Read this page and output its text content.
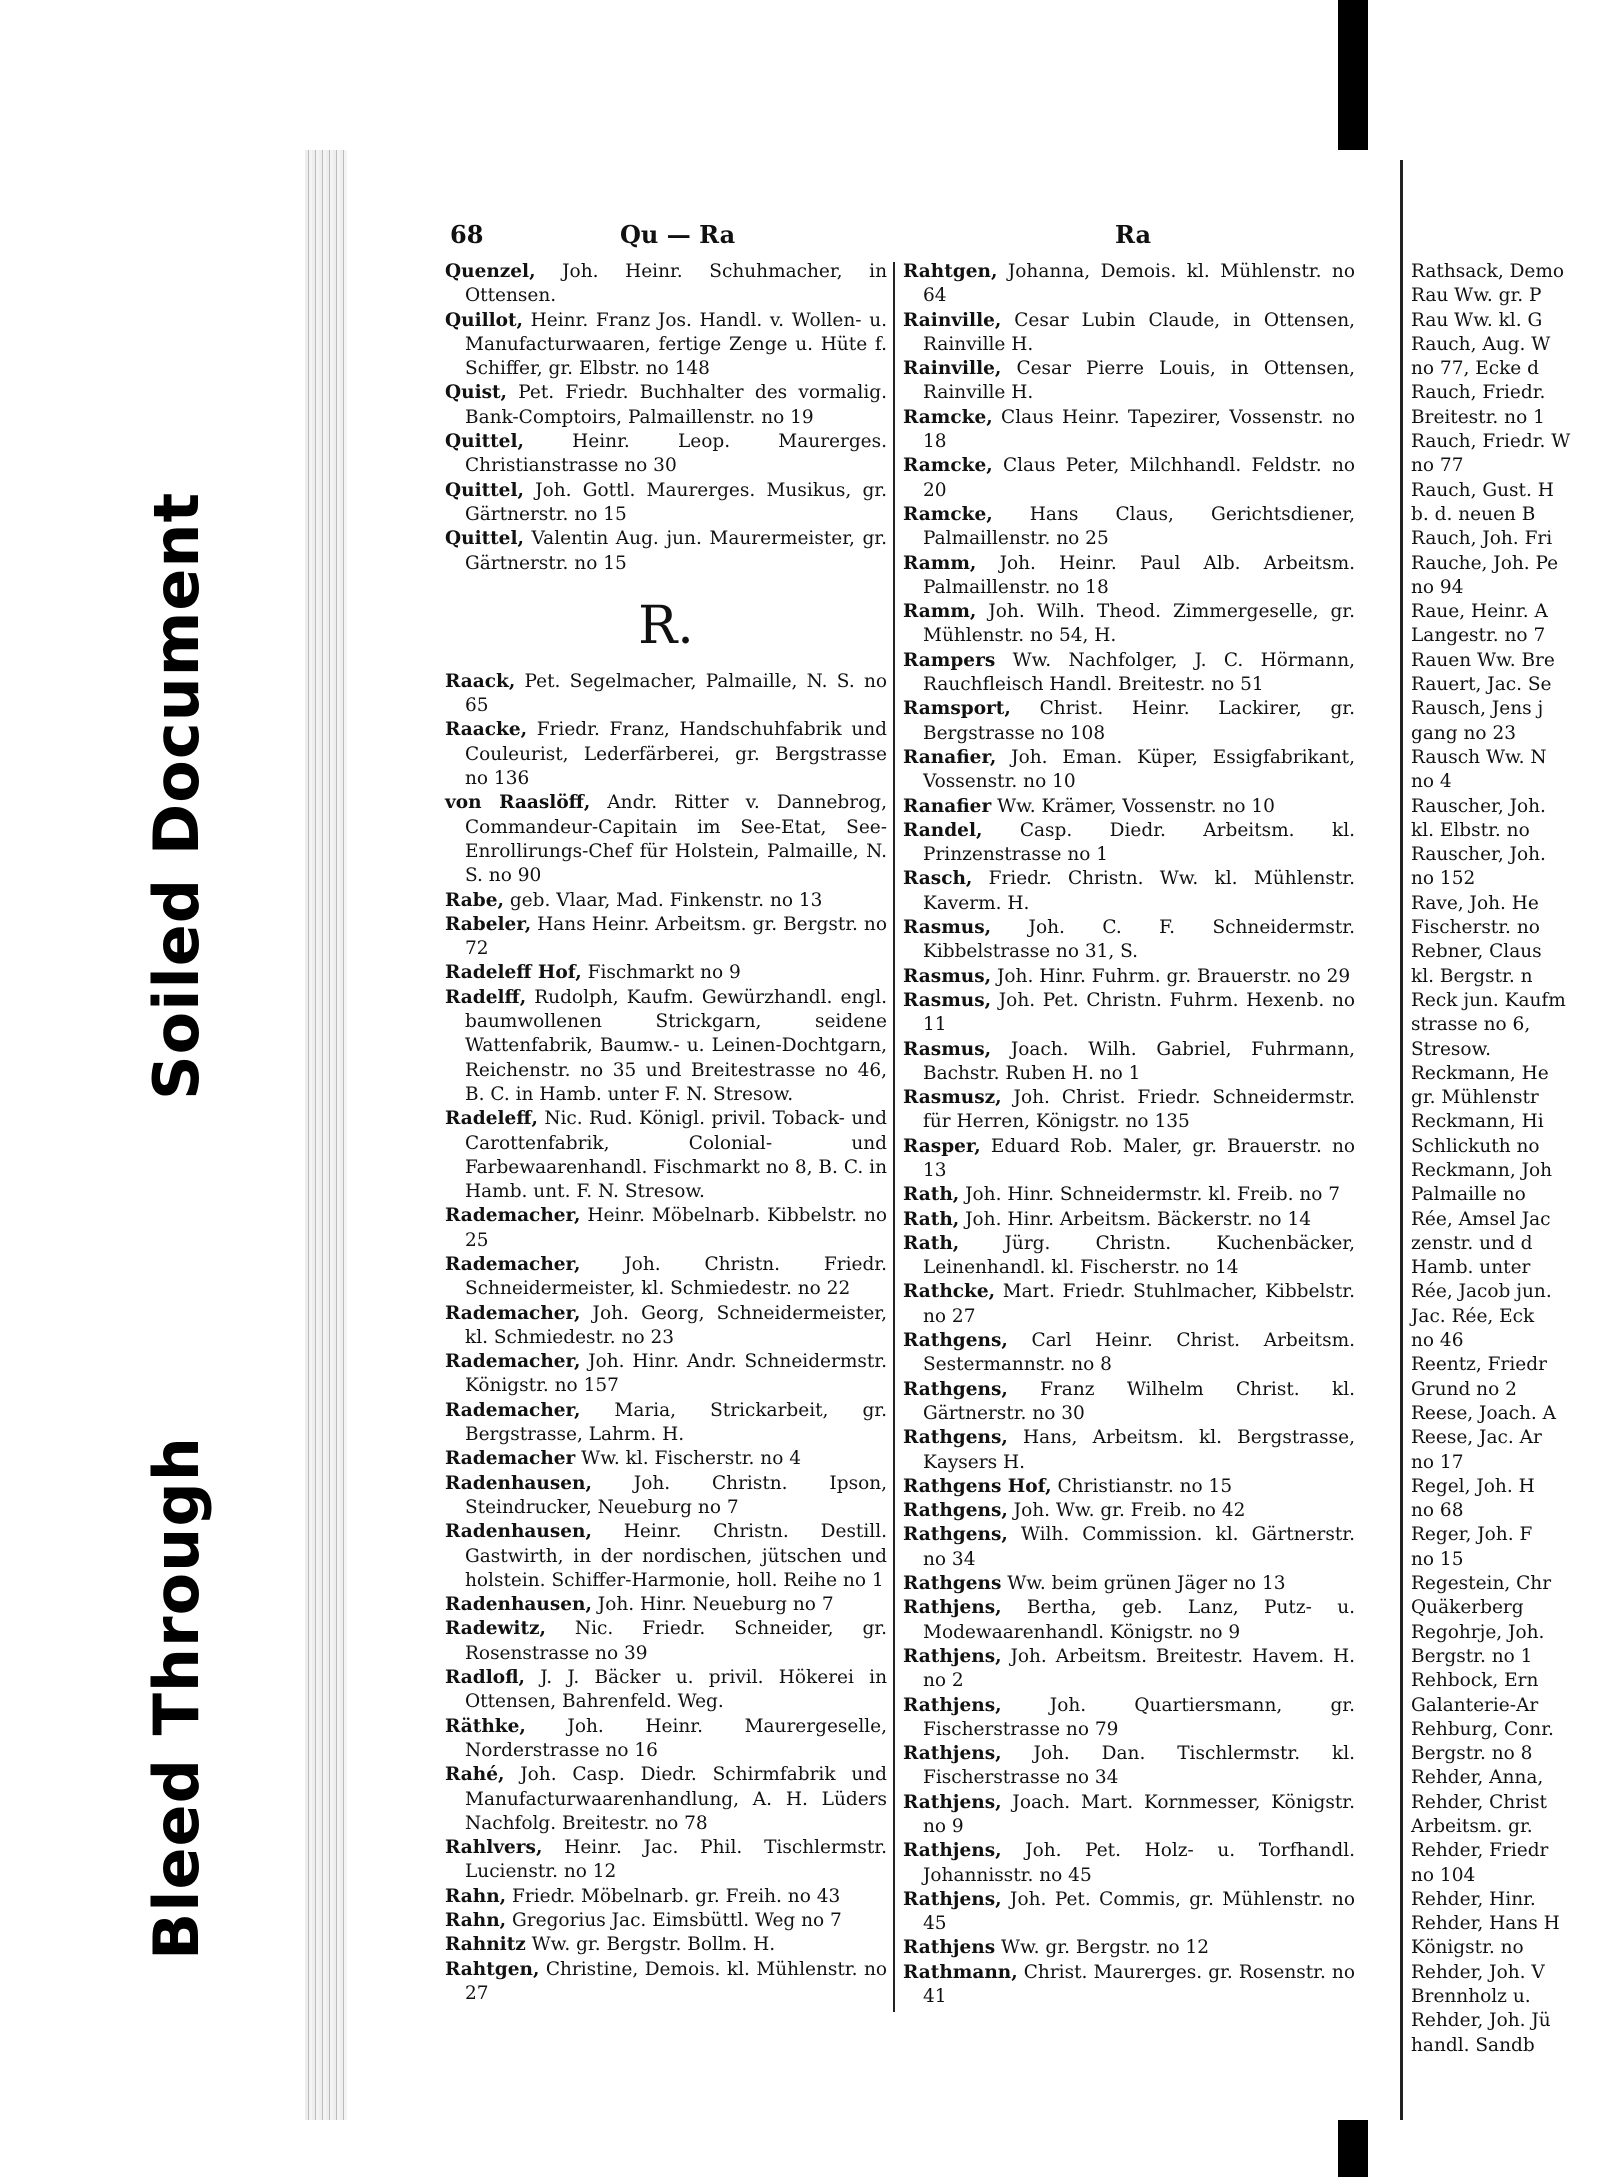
Soiled Document
Bleed Through
68	Qu — Ra	Ra

Quenzel, Joh. Heinr. Schuhmacher, in Ottensen.

Quillot, Heinr. Franz Jos. Handl. v. Wollen- u. Manufacturwaaren, fertige Zenge u. Hüte f. Schiffer, gr. Elbstr. no 148

Quist, Pet. Friedr. Buchhalter des vormalig. Bank-Comptoirs, Palmaillenstr. no 19

Quittel, Heinr. Leop. Maurerges. Christianstrasse no 30

Quittel, Joh. Gottl. Maurerges. Musikus, gr. Gärtnerstr. no 15

Quittel, Valentin Aug. jun. Maurermeister, gr. Gärtnerstr. no 15

R.

Raack, Pet. Segelmacher, Palmaille, N. S. no 65

Raacke, Friedr. Franz, Handschuhfabrik und Couleurist, Lederfärberei, gr. Bergstrasse no 136

von Raaslöff, Andr. Ritter v. Dannebrog, Commandeur-Capitain im See-Etat, See-Enrollirungs-Chef für Holstein, Palmaille, N. S. no 90

Rabe, geb. Vlaar, Mad. Finkenstr. no 13

Rabeler, Hans Heinr. Arbeitsm. gr. Bergstr. no 72

Radeleff Hof, Fischmarkt no 9

Radelff, Rudolph, Kaufm. Gewürzhandl. engl. baumwollenen Strickgarn, seidene Wattenfabrik, Baumw.- u. Leinen-Dochtgarn, Reichenstr. no 35 und Breitestrasse no 46, B. C. in Hamb. unter F. N. Stresow.

Radeleff, Nic. Rud. Königl. privil. Toback- und Carottenfabrik, Colonial- und Farbewaarenhandl. Fischmarkt no 8, B. C. in Hamb. unt. F. N. Stresow.

Rademacher, Heinr. Möbelnarb. Kibbelstr. no 25

Rademacher, Joh. Christn. Friedr. Schneidermeister, kl. Schmiedestr. no 22

Rademacher, Joh. Georg, Schneidermeister, kl. Schmiedestr. no 23

Rademacher, Joh. Hinr. Andr. Schneidermstr. Königstr. no 157

Rademacher, Maria, Strickarbeit, gr. Bergstrasse, Lahrm. H.

Rademacher Ww. kl. Fischerstr. no 4

Radenhausen, Joh. Christn. Ipson, Steindrucker, Neueburg no 7

Radenhausen, Heinr. Christn. Destill. Gastwirth, in der nordischen, jütschen und holstein. Schiffer-Harmonie, holl. Reihe no 1

Radenhausen, Joh. Hinr. Neueburg no 7

Radewitz, Nic. Friedr. Schneider, gr. Rosenstrasse no 39

Radlofl, J. J. Bäcker u. privil. Hökerei in Ottensen, Bahrenfeld. Weg.

Räthke, Joh. Heinr. Maurergeselle, Norderstrasse no 16

Rahé, Joh. Casp. Diedr. Schirmfabrik und Manufacturwaarenhandlung, A. H. Lüders Nachfolg. Breitestr. no 78

Rahlvers, Heinr. Jac. Phil. Tischlermstr. Lucienstr. no 12

Rahn, Friedr. Möbelnarb. gr. Freih. no 43

Rahn, Gregorius Jac. Eimsbüttl. Weg no 7

Rahnitz Ww. gr. Bergstr. Bollm. H.

Rahtgen, Christine, Demois. kl. Mühlenstr. no 27

Rahtgen, Johanna, Demois. kl. Mühlenstr. no 64

Rainville, Cesar Lubin Claude, in Ottensen, Rainville H.

Rainville, Cesar Pierre Louis, in Ottensen, Rainville H.

Ramcke, Claus Heinr. Tapezirer, Vossenstr. no 18

Ramcke, Claus Peter, Milchhandl. Feldstr. no 20

Ramcke, Hans Claus, Gerichtsdiener, Palmaillenstr. no 25

Ramm, Joh. Heinr. Paul Alb. Arbeitsm. Palmaillenstr. no 18

Ramm, Joh. Wilh. Theod. Zimmergeselle, gr. Mühlenstr. no 54, H.

Rampers Ww. Nachfolger, J. C. Hörmann, Rauchfleisch Handl. Breitestr. no 51

Ramsport, Christ. Heinr. Lackirer, gr. Bergstrasse no 108

Ranafier, Joh. Eman. Küper, Essigfabrikant, Vossenstr. no 10

Ranafier Ww. Krämer, Vossenstr. no 10

Randel, Casp. Diedr. Arbeitsm. kl. Prinzenstrasse no 1

Rasch, Friedr. Christn. Ww. kl. Mühlenstr. Kaverm. H.

Rasmus, Joh. C. F. Schneidermstr. Kibbelstrasse no 31, S.

Rasmus, Joh. Hinr. Fuhrm. gr. Brauerstr. no 29

Rasmus, Joh. Pet. Christn. Fuhrm. Hexenb. no 11

Rasmus, Joach. Wilh. Gabriel, Fuhrmann, Bachstr. Ruben H. no 1

Rasmusz, Joh. Christ. Friedr. Schneidermstr. für Herren, Königstr. no 135

Rasper, Eduard Rob. Maler, gr. Brauerstr. no 13

Rath, Joh. Hinr. Schneidermstr. kl. Freib. no 7

Rath, Joh. Hinr. Arbeitsm. Bäckerstr. no 14

Rath, Jürg. Christn. Kuchenbäcker, Leinenhandl. kl. Fischerstr. no 14

Rathcke, Mart. Friedr. Stuhlmacher, Kibbelstr. no 27

Rathgens, Carl Heinr. Christ. Arbeitsm. Sestermannstr. no 8

Rathgens, Franz Wilhelm Christ. kl. Gärtnerstr. no 30

Rathgens, Hans, Arbeitsm. kl. Bergstrasse, Kaysers H.

Rathgens Hof, Christianstr. no 15

Rathgens, Joh. Ww. gr. Freib. no 42

Rathgens, Wilh. Commission. kl. Gärtnerstr. no 34

Rathgens Ww. beim grünen Jäger no 13

Rathjens, Bertha, geb. Lanz, Putz- u. Modewaarenhandl. Königstr. no 9

Rathjens, Joh. Arbeitsm. Breitestr. Havem. H. no 2

Rathjens, Joh. Quartiersmann, gr. Fischerstrasse no 79

Rathjens, Joh. Dan. Tischlermstr. kl. Fischerstrasse no 34

Rathjens, Joach. Mart. Kornmesser, Königstr. no 9

Rathjens, Joh. Pet. Holz- u. Torfhandl. Johannisstr. no 45

Rathjens, Joh. Pet. Commis, gr. Mühlenstr. no 45

Rathjens Ww. gr. Bergstr. no 12

Rathmann, Christ. Maurerges. gr. Rosenstr. no 41

Rathsack, Demo

Rau Ww. gr. P

Rau Ww. kl. G

Rauch, Aug. W

no 77, Ecke d

Rauch, Friedr.

Breitestr. no 1

Rauch, Friedr. W

no 77

Rauch, Gust. H

b. d. neuen B

Rauch, Joh. Fri

Rauche, Joh. Pe

no 94

Raue, Heinr. A

Langestr. no 7

Rauen Ww. Bre

Rauert, Jac. Se

Rausch, Jens j

gang no 23

Rausch Ww. N

no 4

Rauscher, Joh.

kl. Elbstr. no

Rauscher, Joh.

no 152

Rave, Joh. He

Fischerstr. no

Rebner, Claus

kl. Bergstr. n

Reck jun. Kaufm

strasse no 6,

Stresow.

Reckmann, He

gr. Mühlenstr

Reckmann, Hi

Schlickuth no

Reckmann, Joh

Palmaille no

Rée, Amsel Jac

zenstr. und d

Hamb. unter

Rée, Jacob jun.

Jac. Rée, Eck

no 46

Reentz, Friedr

Grund no 2

Reese, Joach. A

Reese, Jac. Ar

no 17

Regel, Joh. H

no 68

Reger, Joh. F

no 15

Regestein, Chr

Quäkerberg

Regohrje, Joh.

Bergstr. no 1

Rehbock, Ern

Galanterie-Ar

Rehburg, Conr.

Bergstr. no 8

Rehder, Anna,

Rehder, Christ

Arbeitsm. gr.

Rehder, Friedr

no 104

Rehder, Hinr.

Rehder, Hans H

Königstr. no

Rehder, Joh. V

Brennholz u.

Rehder, Joh. Jü

handl. Sandb
